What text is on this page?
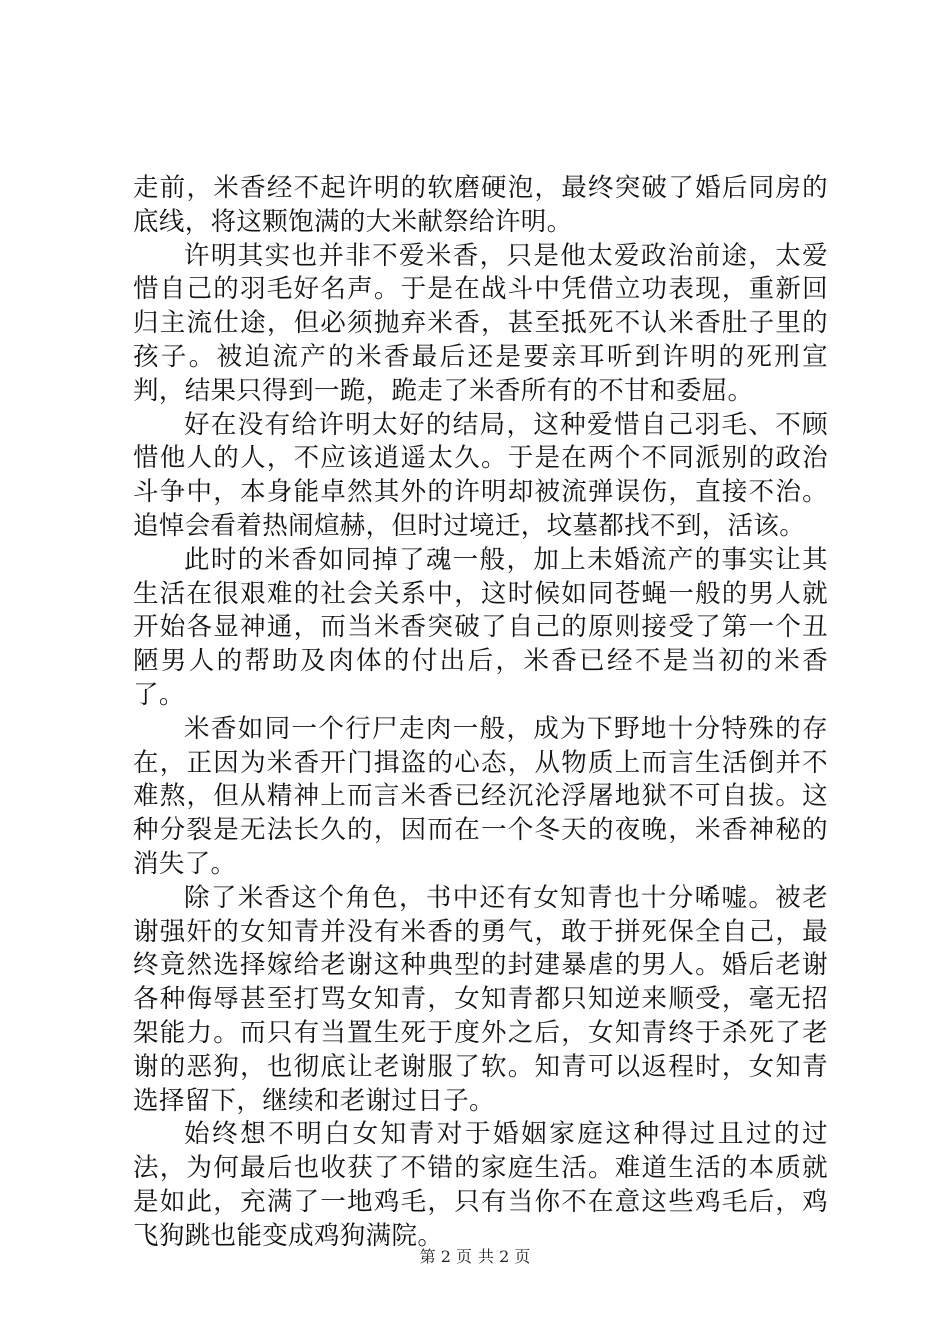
走前，米香经不起许明的软磨硬泡，最终突破了婚后同房的底线，将这颗饱满的大米献祭给许明。

许明其实也并非不爱米香，只是他太爱政治前途，太爱惜自己的羽毛好名声。于是在战斗中凭借立功表现，重新回归主流仕途，但必须抛弃米香，甚至抵死不认米香肚子里的孩子。被迫流产的米香最后还是要亲耳听到许明的死刑宣判，结果只得到一跪，跪走了米香所有的不甘和委屈。

好在没有给许明太好的结局，这种爱惜自己羽毛、不顾惜他人的人，不应该逍遥太久。于是在两个不同派别的政治斗争中，本身能卓然其外的许明却被流弹误伤，直接不治。追悼会看着热闹煊赫，但时过境迁，坟墓都找不到，活该。

此时的米香如同掉了魂一般，加上未婚流产的事实让其生活在很艰难的社会关系中，这时候如同苍蝇一般的男人就开始各显神通，而当米香突破了自己的原则接受了第一个丑陋男人的帮助及肉体的付出后，米香已经不是当初的米香了。

米香如同一个行尸走肉一般，成为下野地十分特殊的存在，正因为米香开门揖盗的心态，从物质上而言生活倒并不难熬，但从精神上而言米香已经沉沦浮屠地狱不可自拔。这种分裂是无法长久的，因而在一个冬天的夜晚，米香神秘的消失了。

除了米香这个角色，书中还有女知青也十分唏嘘。被老谢强奸的女知青并没有米香的勇气，敢于拼死保全自己，最终竟然选择嫁给老谢这种典型的封建暴虐的男人。婚后老谢各种侮辱甚至打骂女知青，女知青都只知逆来顺受，毫无招架能力。而只有当置生死于度外之后，女知青终于杀死了老谢的恶狗，也彻底让老谢服了软。知青可以返程时，女知青选择留下，继续和老谢过日子。

始终想不明白女知青对于婚姻家庭这种得过且过的过法，为何最后也收获了不错的家庭生活。难道生活的本质就是如此，充满了一地鸡毛，只有当你不在意这些鸡毛后，鸡飞狗跳也能变成鸡狗满院。

第 2 页 共 2 页
